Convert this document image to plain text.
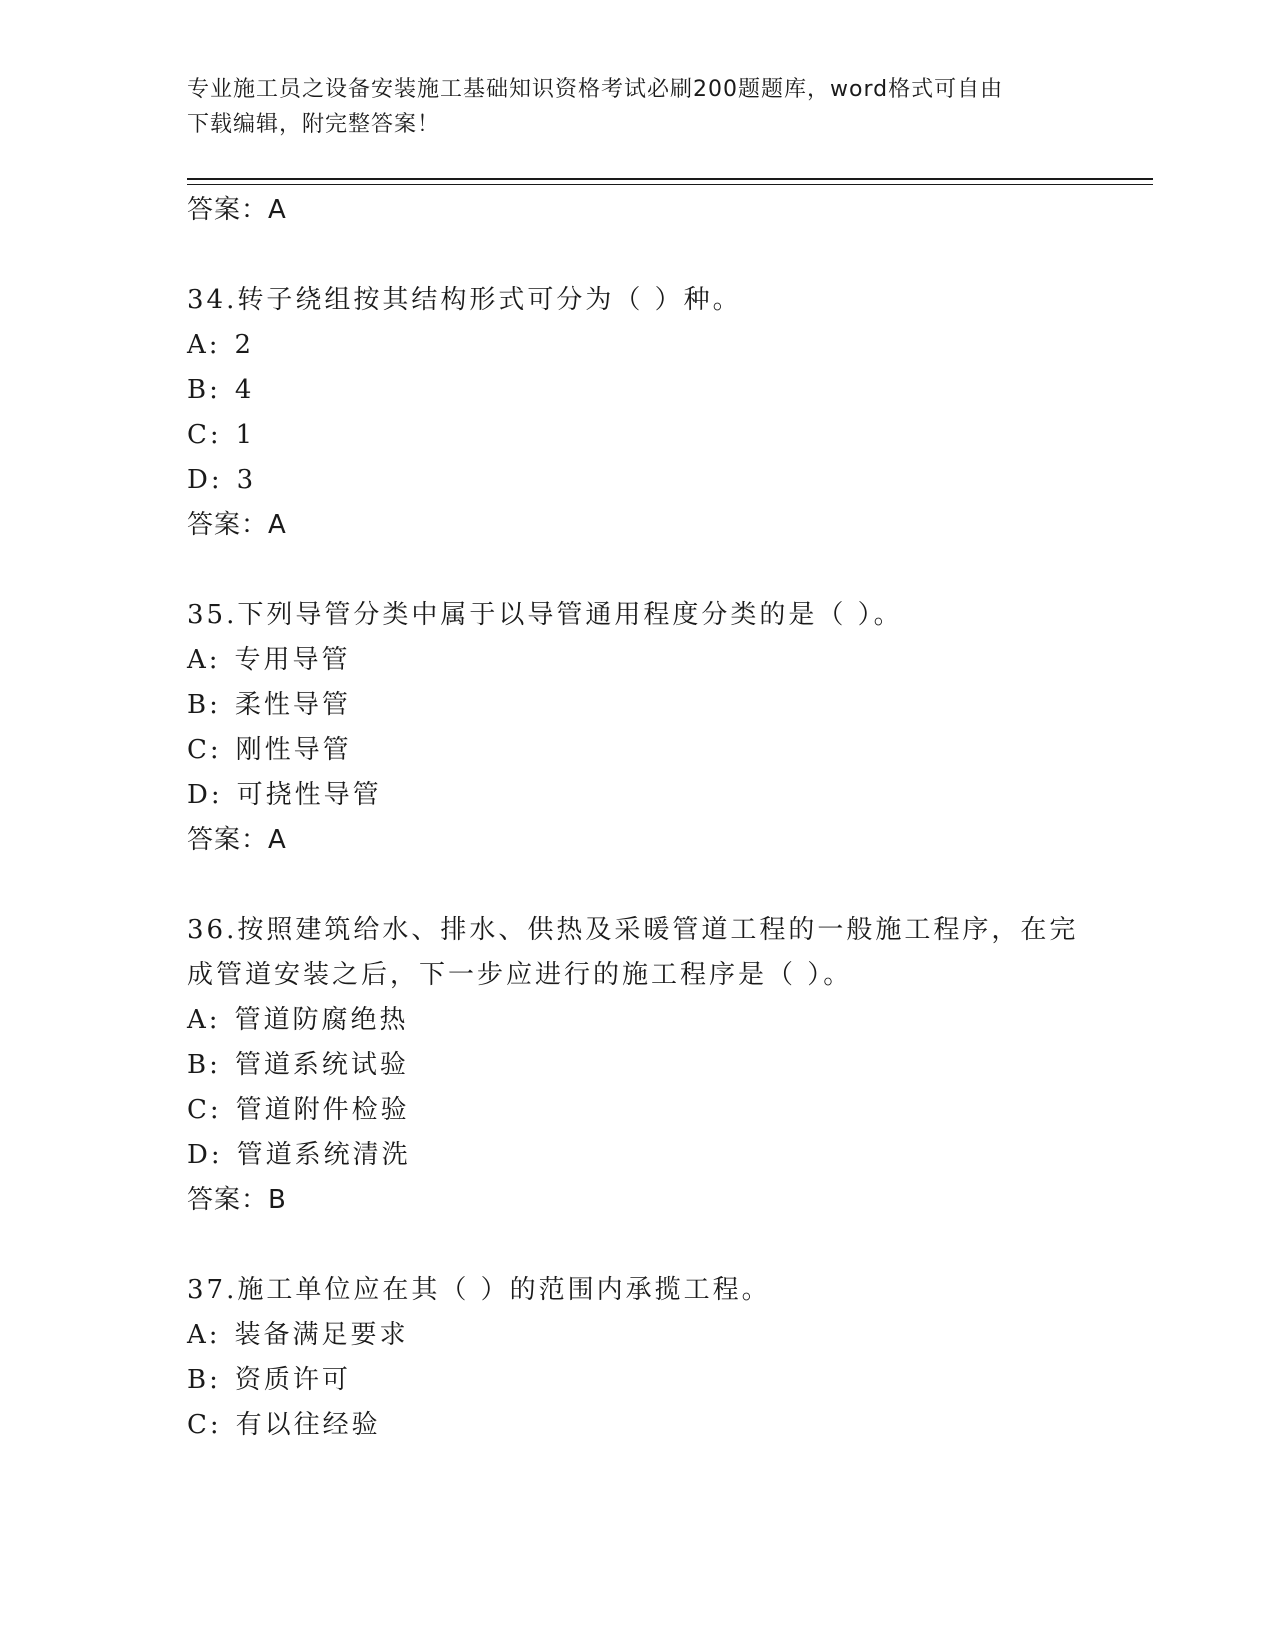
专业施工员之设备安装施工基础知识资格考试必刷200题题库，word格式可自由
下载编辑，附完整答案！
答案：A
34.转子绕组按其结构形式可分为（ ）种。
A: 2
B: 4
C: 1
D: 3
答案：A
35.下列导管分类中属于以导管通用程度分类的是（ ）。
A: 专用导管
B: 柔性导管
C: 刚性导管
D: 可挠性导管
答案：A
36.按照建筑给水、排水、供热及采暖管道工程的一般施工程序，在完
成管道安装之后，下一步应进行的施工程序是（ ）。
A: 管道防腐绝热
B: 管道系统试验
C: 管道附件检验
D: 管道系统清洗
答案：B
37.施工单位应在其（ ）的范围内承揽工程。
A: 装备满足要求
B: 资质许可
C: 有以往经验
